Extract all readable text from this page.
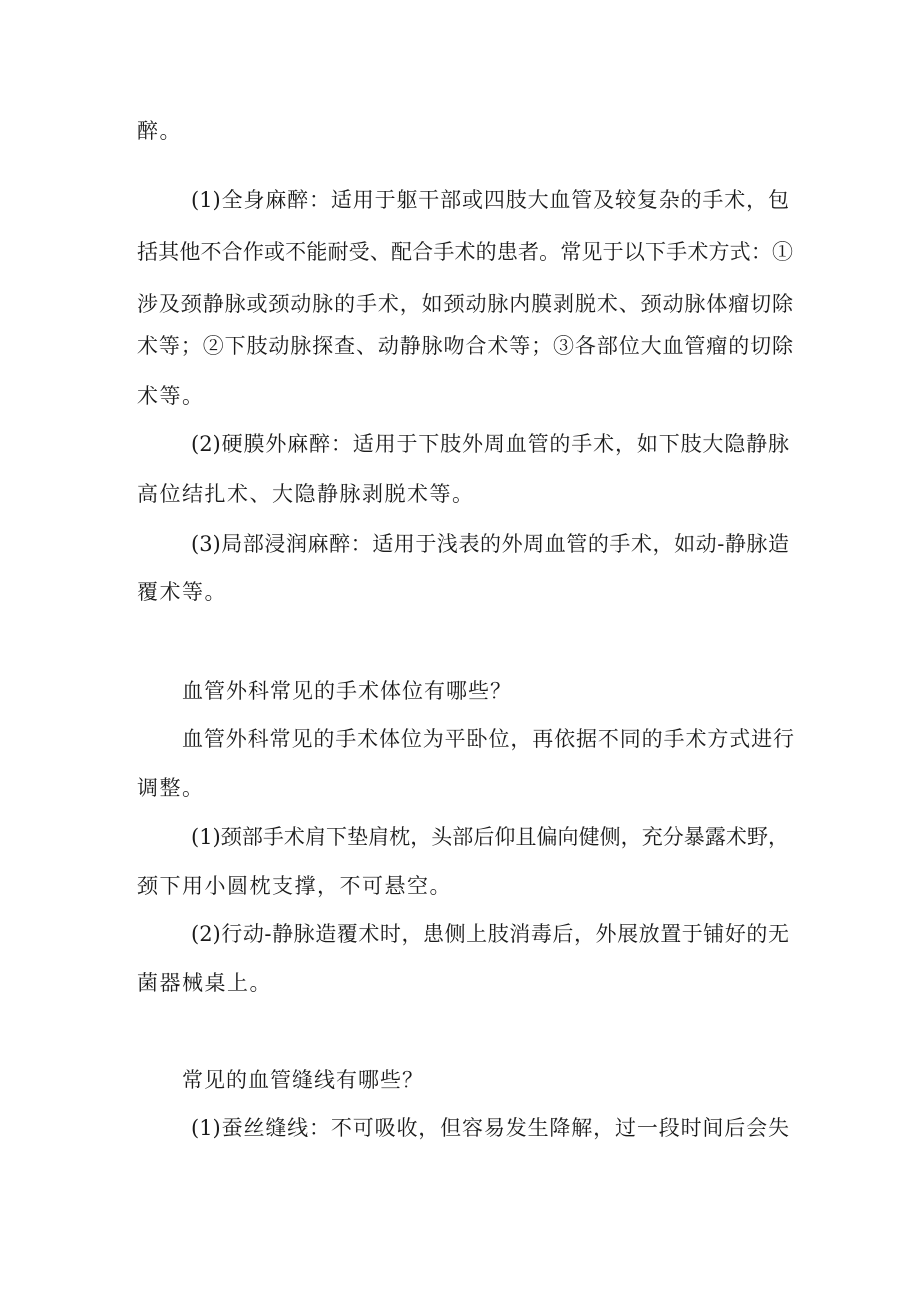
醉。
(1)全身麻醉：适用于躯干部或四肢大血管及较复杂的手术，包
括其他不合作或不能耐受、配合手术的患者。常见于以下手术方式：①
涉及颈静脉或颈动脉的手术，如颈动脉内膜剥脱术、颈动脉体瘤切除
术等；②下肢动脉探查、动静脉吻合术等；③各部位大血管瘤的切除
术等。
(2)硬膜外麻醉：适用于下肢外周血管的手术，如下肢大隐静脉
高位结扎术、大隐静脉剥脱术等。
(3)局部浸润麻醉：适用于浅表的外周血管的手术，如动-静脉造
覆术等。
血管外科常见的手术体位有哪些？
血管外科常见的手术体位为平卧位，再依据不同的手术方式进行
调整。
(1)颈部手术肩下垫肩枕，头部后仰且偏向健侧，充分暴露术野，
颈下用小圆枕支撑，不可悬空。
(2)行动-静脉造覆术时，患侧上肢消毒后，外展放置于铺好的无
菌器械桌上。
常见的血管缝线有哪些？
(1)蚕丝缝线：不可吸收，但容易发生降解，过一段时间后会失
